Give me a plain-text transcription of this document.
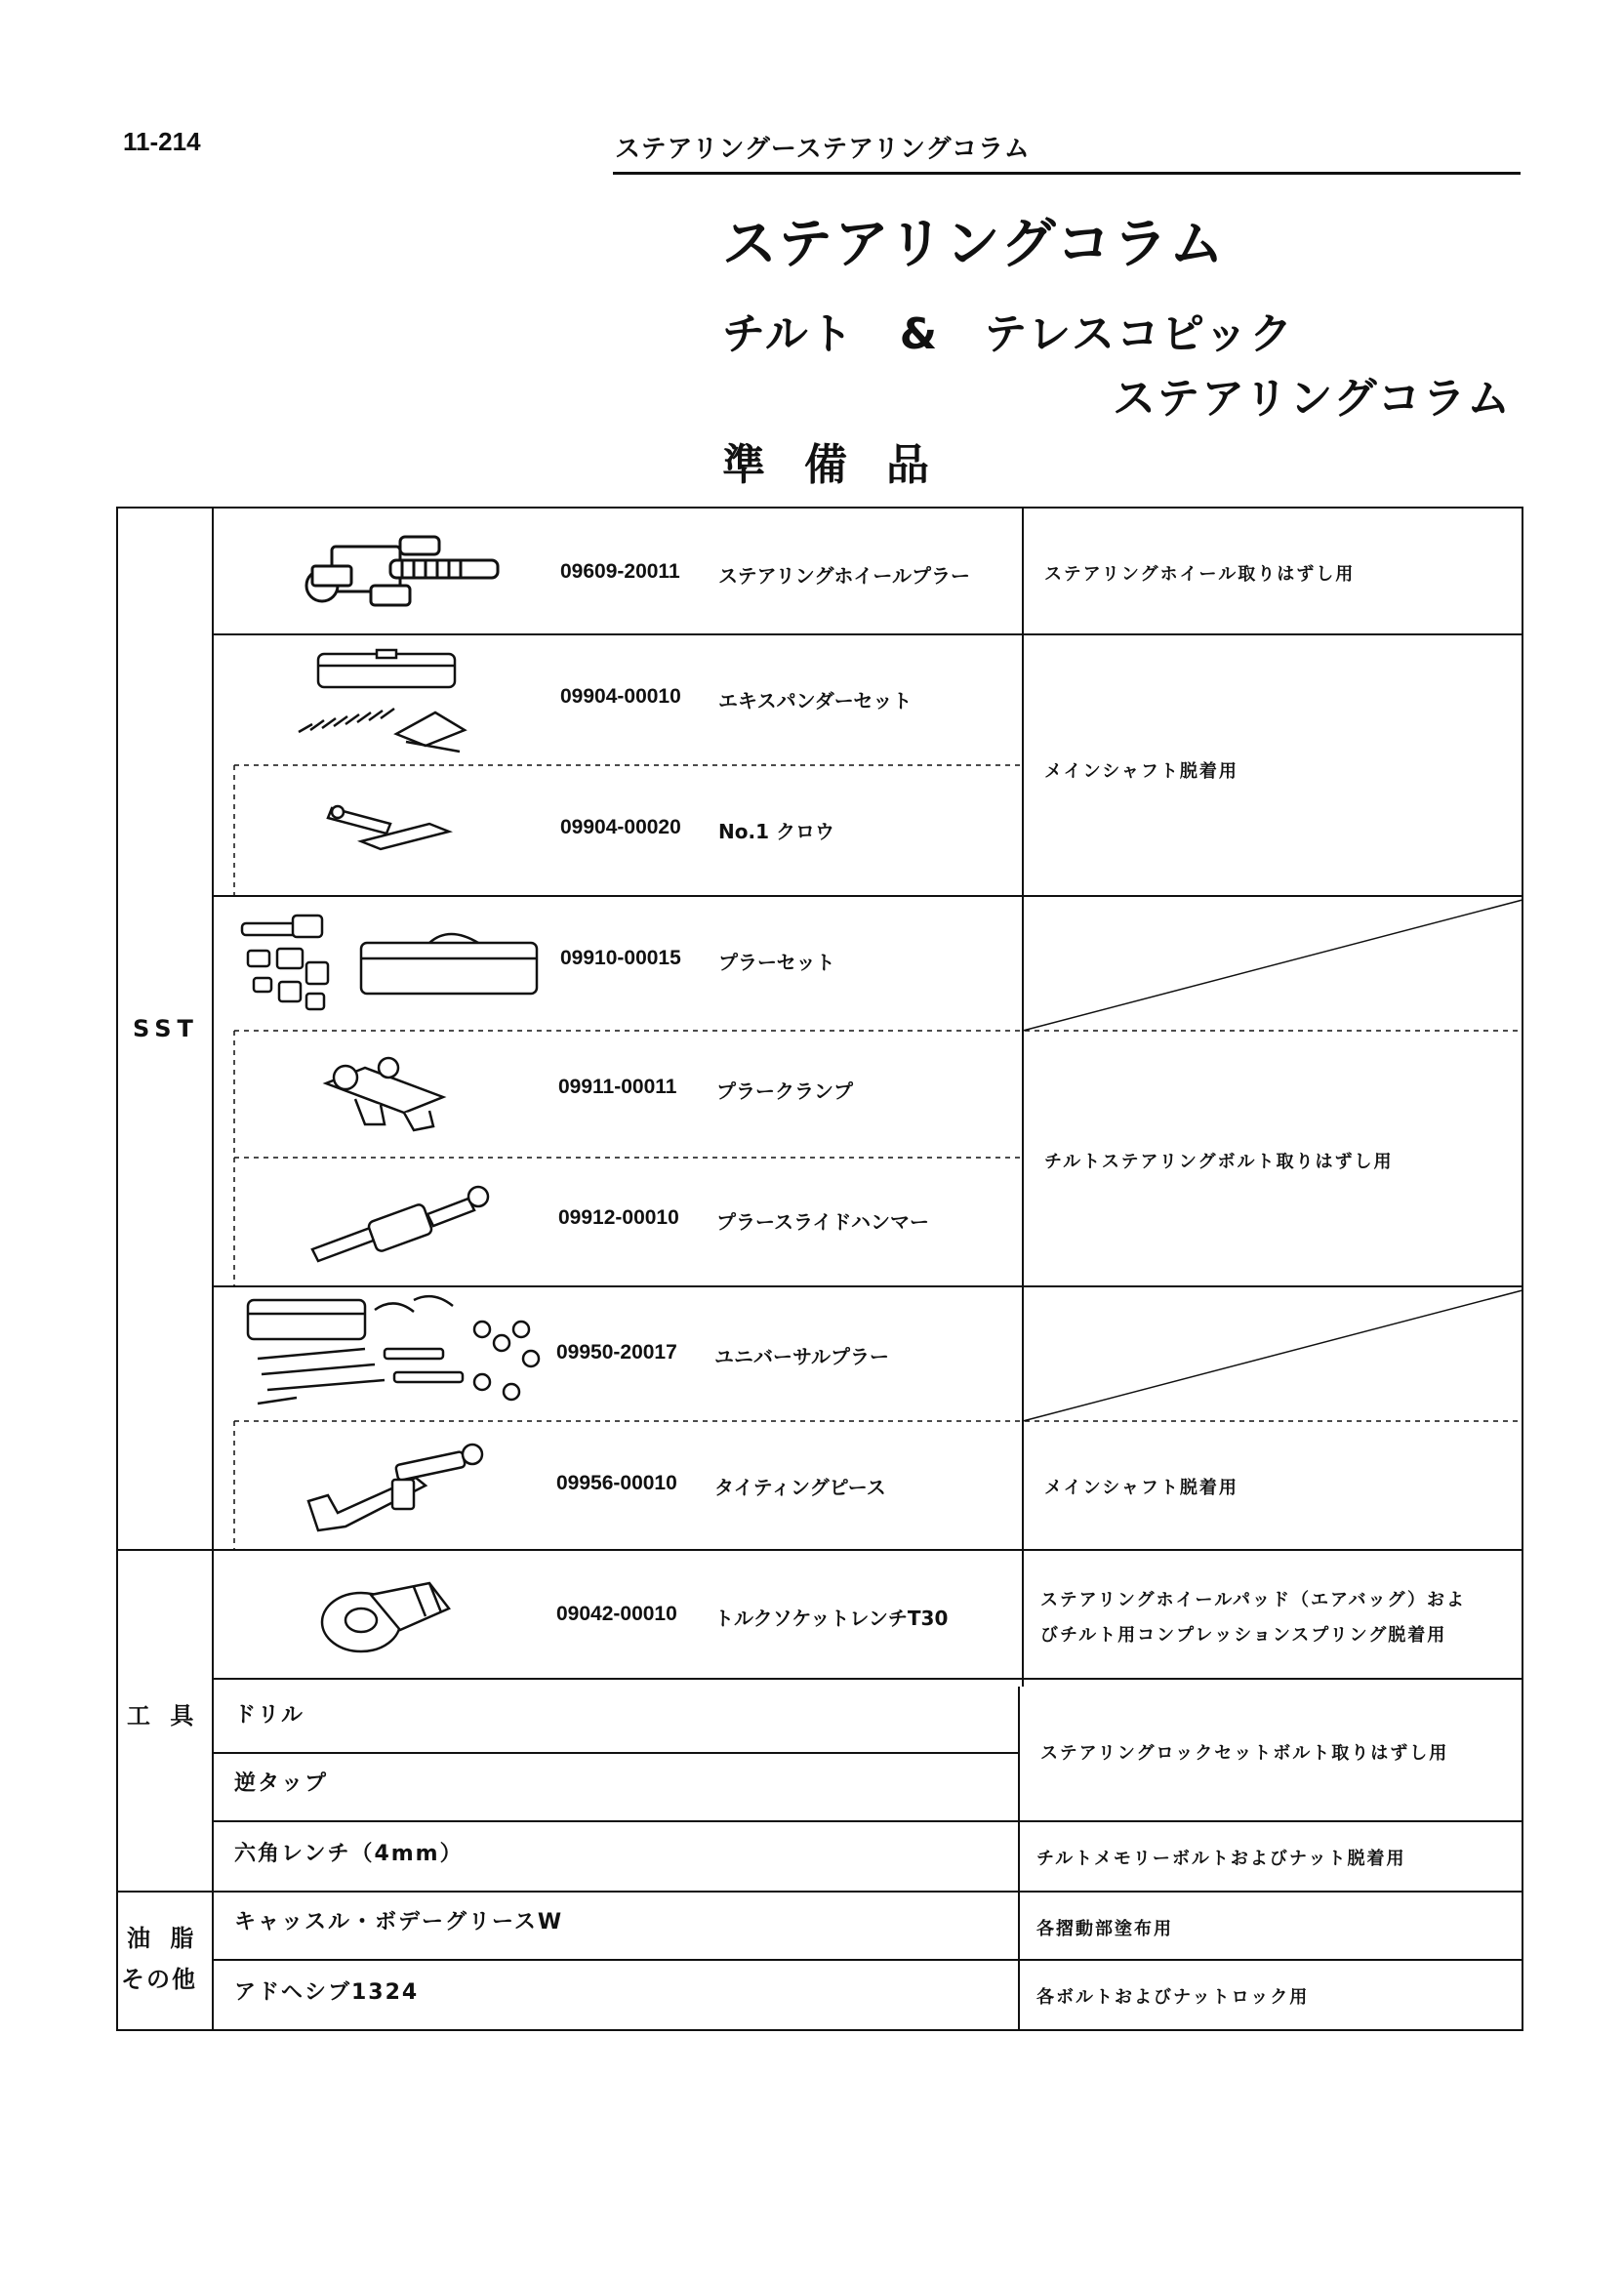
11-214	ステアリングーステアリングコラム
ステアリングコラム
チルト　&　テレスコピック
ステアリングコラム
準備品
SST
工 具
油 脂
その他
09609-20011 ステアリングホイールプラー
09904-00010 エキスパンダーセット
09904-00020 No.1 クロウ
09910-00015 プラーセット
09911-00011 プラークランプ
09912-00010 プラースライドハンマー
09950-20017 ユニバーサルプラー
09956-00010 タイティングピース
09042-00010 トルクソケットレンチT30
ステアリングホイール取りはずし用
メインシャフト脱着用
チルトステアリングボルト取りはずし用
メインシャフト脱着用
ステアリングホイールパッド（エアバッグ）およ
びチルト用コンプレッションスプリング脱着用
ステアリングロックセットボルト取りはずし用
チルトメモリーボルトおよびナット脱着用
各摺動部塗布用
各ボルトおよびナットロック用
ドリル
逆タップ
六角レンチ（4mm）
キャッスル・ボデーグリースW
アドヘシブ1324
